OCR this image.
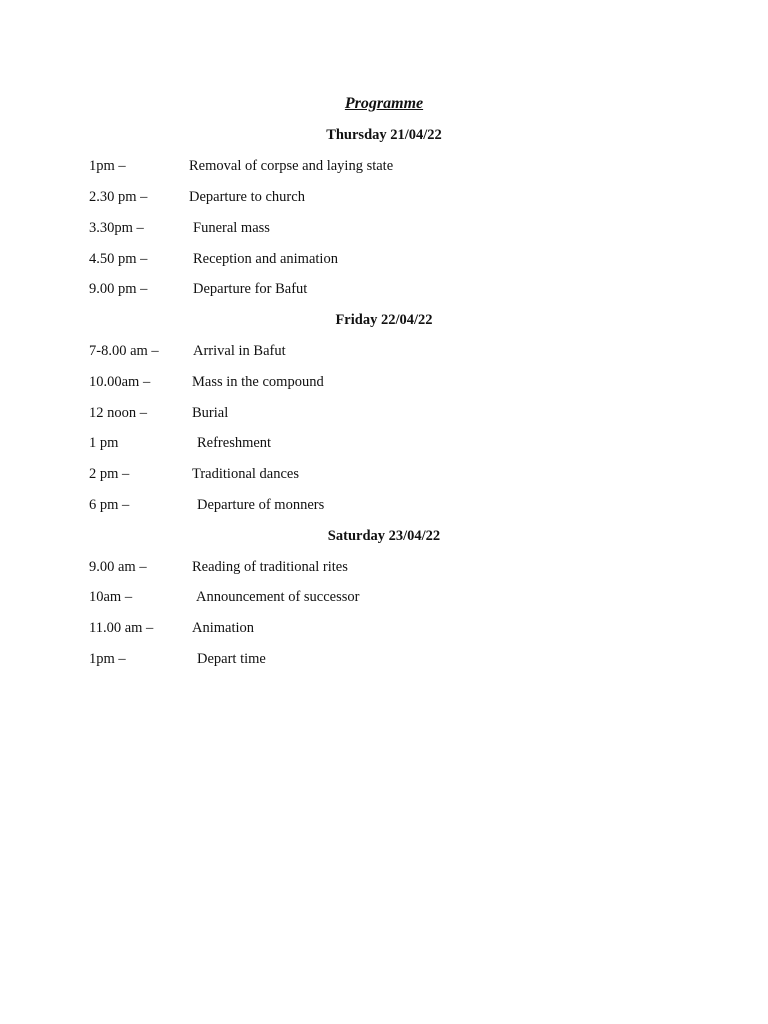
Programme
Thursday 21/04/22
1pm –	Removal of corpse and laying state
2.30 pm –	Departure to church
3.30pm –	Funeral mass
4.50 pm –	Reception and animation
9.00 pm –	Departure for Bafut
Friday 22/04/22
7-8.00 am – Arrival in Bafut
10.00am –	Mass in the compound
12 noon –	Burial
1 pm	Refreshment
2 pm –	Traditional dances
6 pm –	Departure of monners
Saturday 23/04/22
9.00 am –	Reading of traditional rites
10am –	Announcement of successor
11.00 am –	Animation
1pm –	Depart time
